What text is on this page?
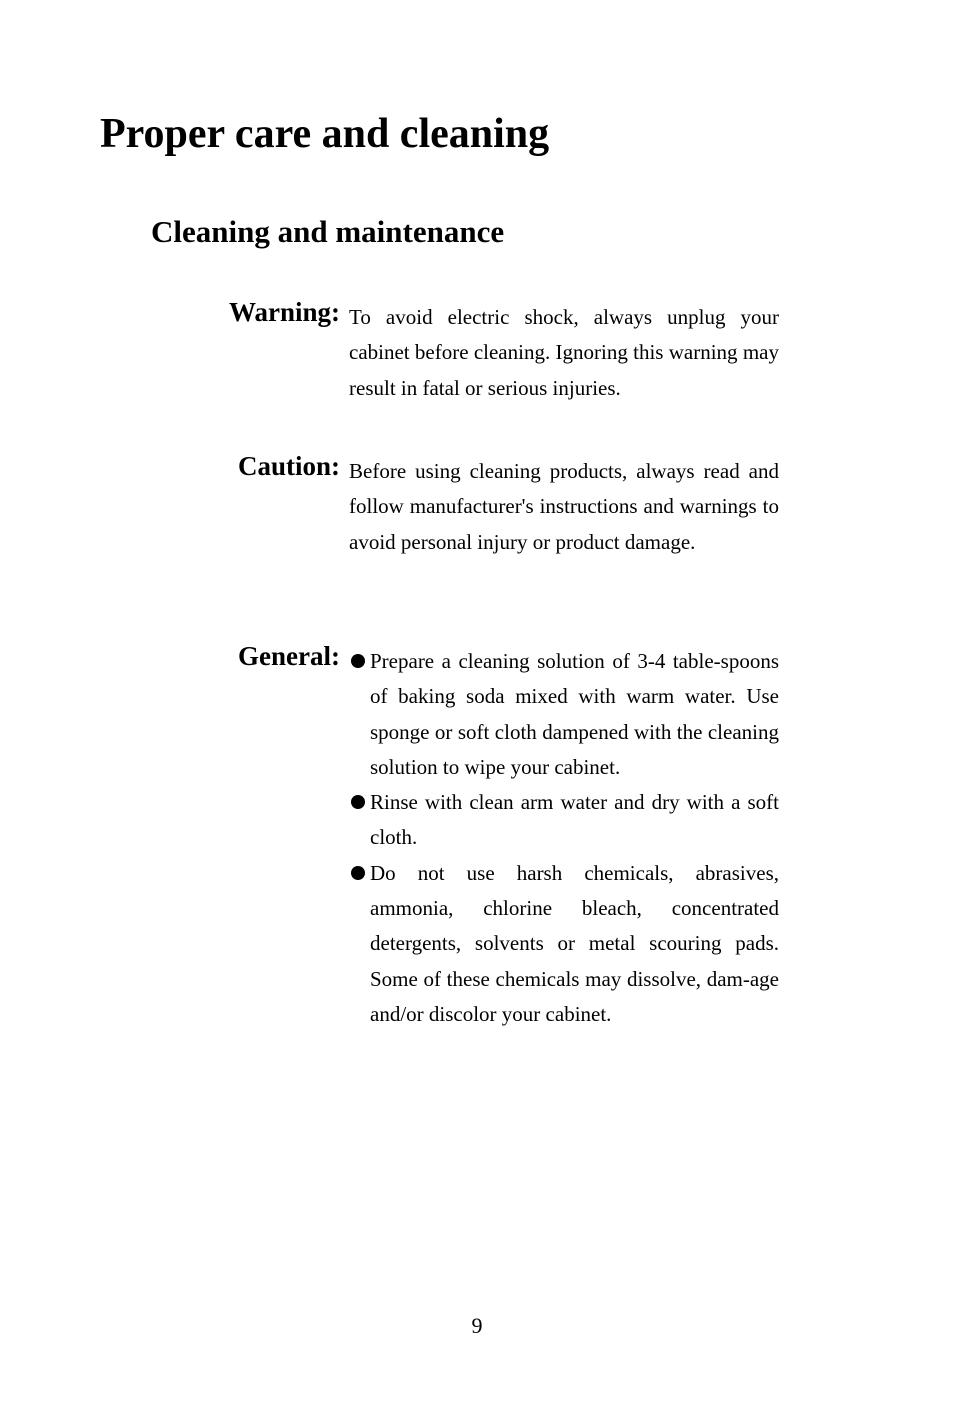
Proper care and cleaning
Cleaning and maintenance
Warning: To avoid electric shock, always unplug your cabinet before cleaning. Ignoring this warning may result in fatal or serious injuries.

Caution: Before using cleaning products, always read and follow manufacturer's instructions and warnings to avoid personal injury or product damage.

General:	Prepare a cleaning solution of 3-4 table-spoons of baking soda mixed with warm water. Use sponge or soft cloth dampened with the cleaning solution to wipe your cabinet.
Rinse with clean arm water and dry with a soft cloth.
Do not use harsh chemicals, abrasives, ammonia, chlorine bleach, concentrated detergents, solvents or metal scouring pads. Some of these chemicals may dissolve, dam-age and/or discolor your cabinet.
9
